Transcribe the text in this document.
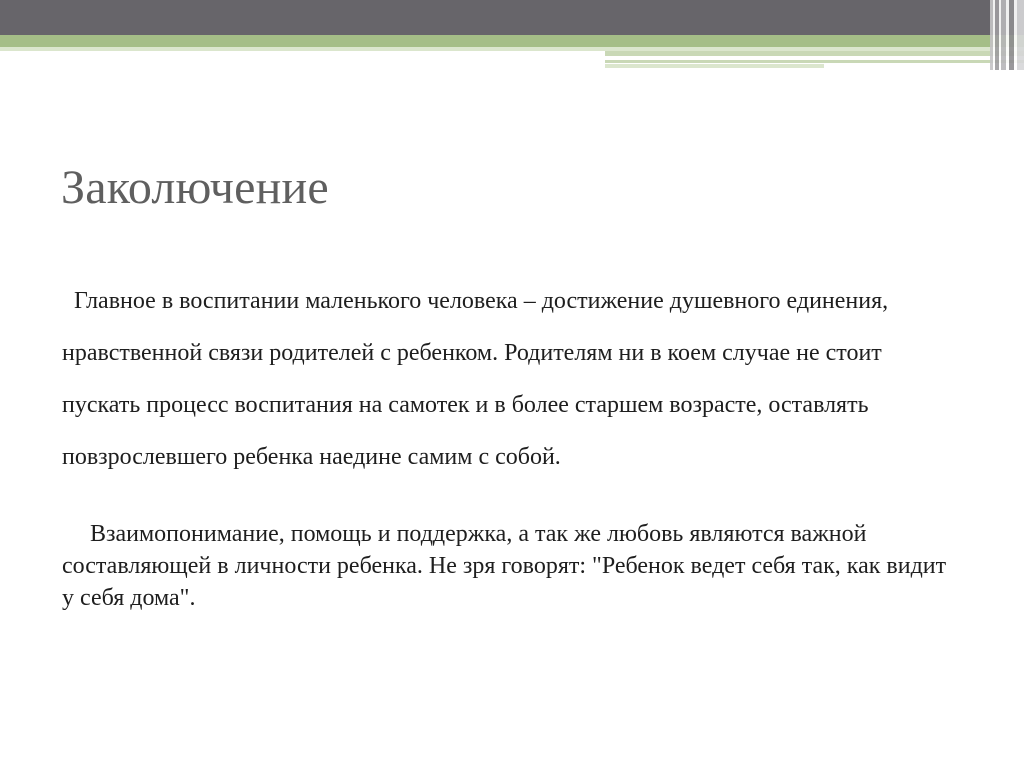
Заколючение

Главное в воспитании маленького человека – достижение душевного единения, нравственной связи родителей с ребенком. Родителям ни в коем случае не стоит пускать процесс воспитания на самотек и в более старшем возрасте, оставлять повзрослевшего ребенка наедине самим с собой.

Взаимопонимание, помощь и поддержка, а так же любовь являются важной составляющей в личности ребенка. Не зря говорят: "Ребенок ведет себя так, как видит у себя дома".
